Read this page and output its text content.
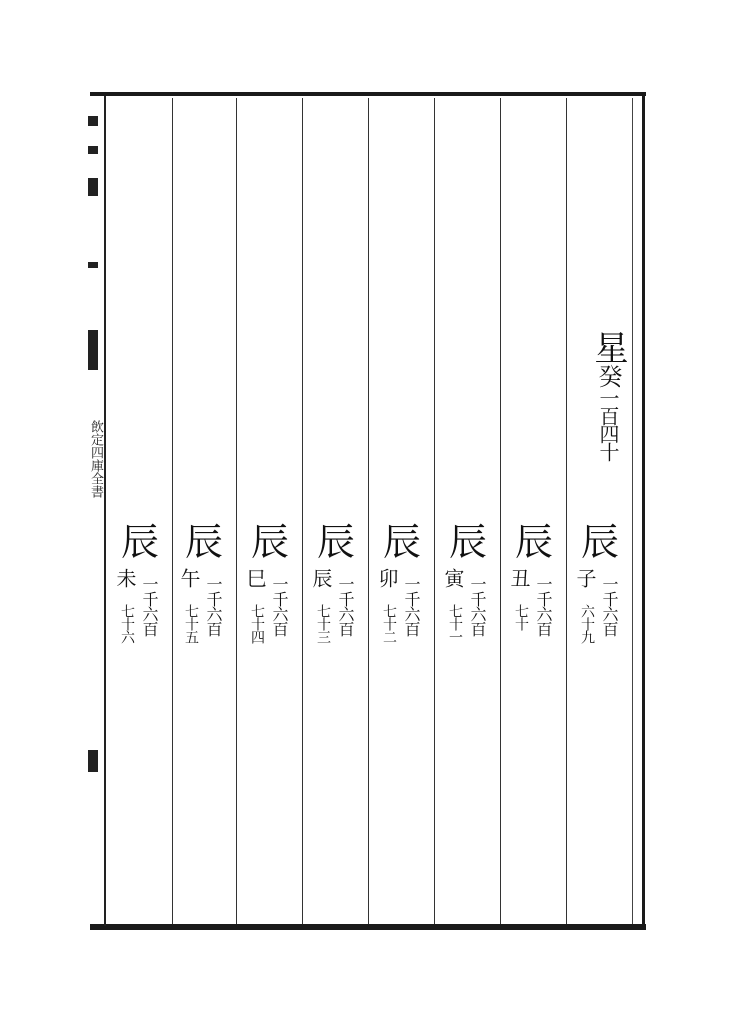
飲定四庫全書
星癸一百四十
辰
子 一千六百
六十九
辰
丑 一千六百
七十
辰
寅 一千六百
七十一
辰
卯 一千六百
七十二
辰
辰 一千六百
七十三
辰
巳 一千六百
七十四
辰
午 一千六百
七十五
辰
未 一千六百
七十六
